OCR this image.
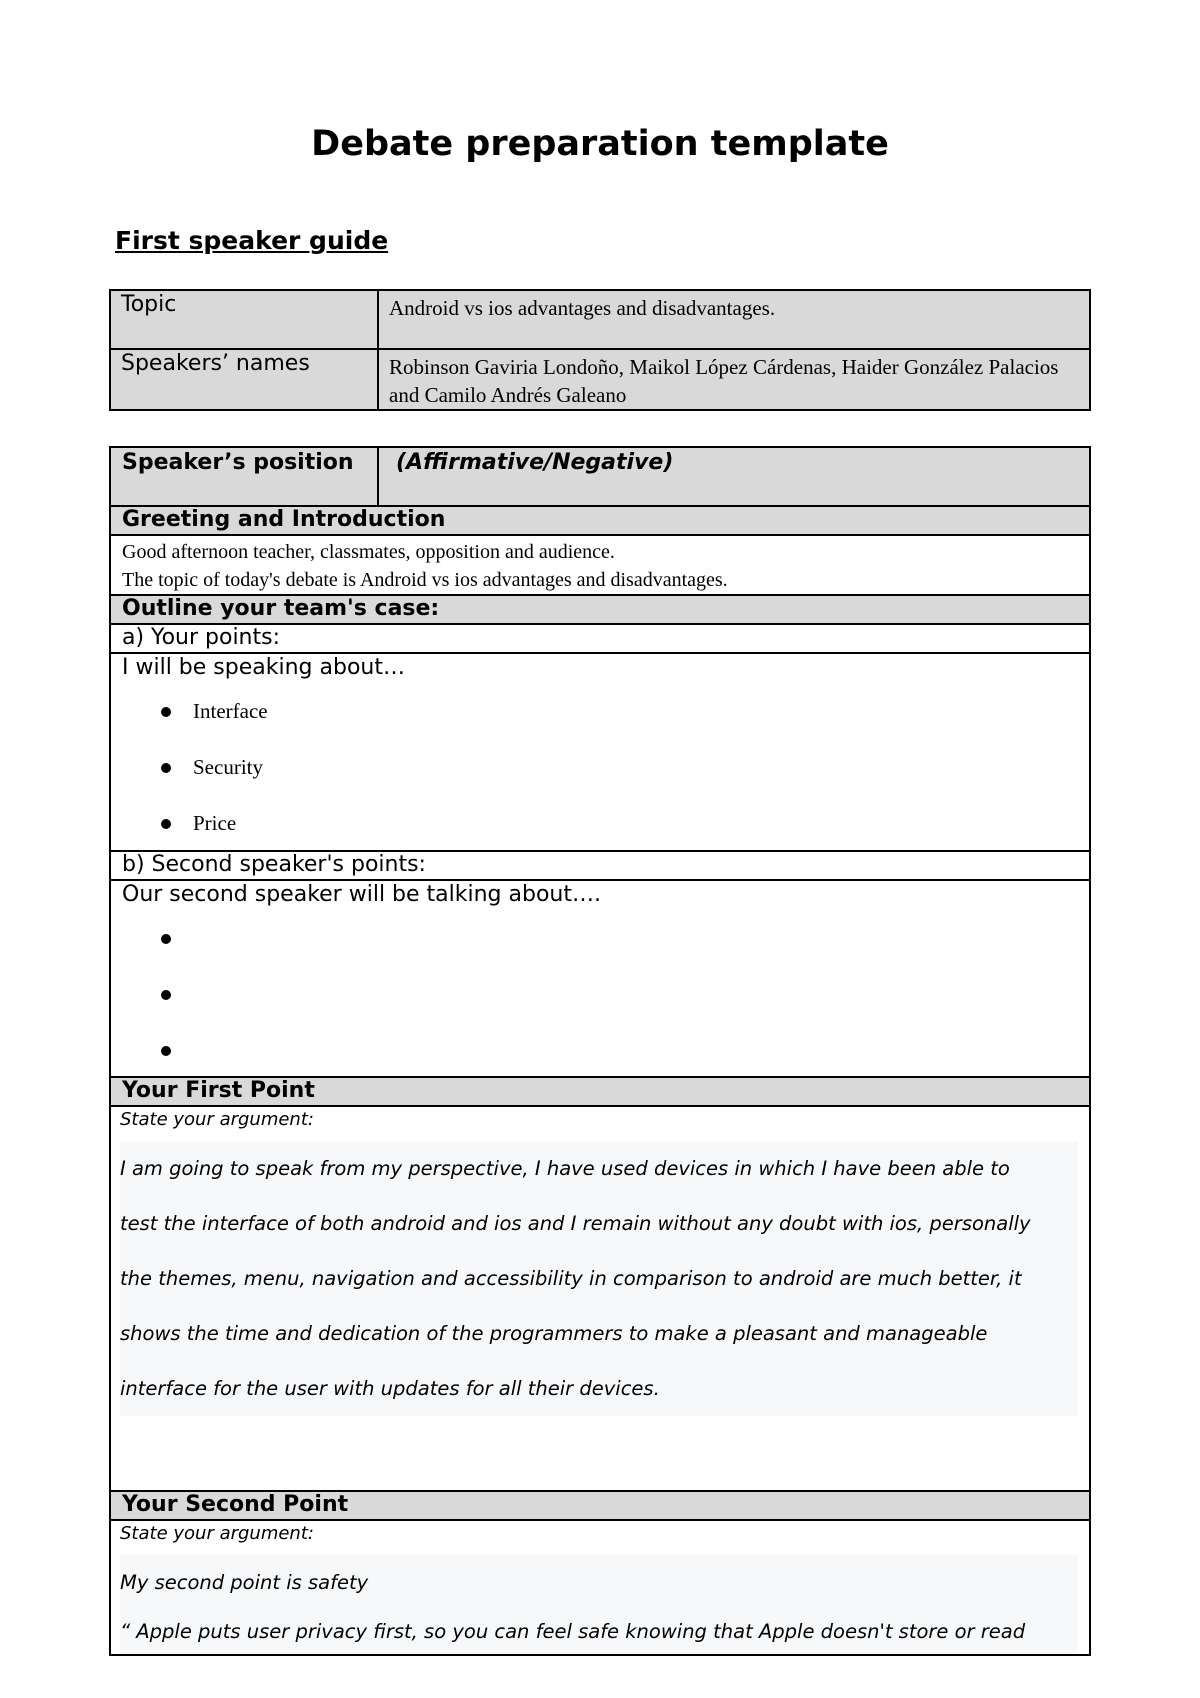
Debate preparation template
First speaker guide
Topic	Android vs ios advantages and disadvantages.
Speakers’ names	Robinson Gaviria Londoño, Maikol López Cárdenas, Haider González Palacios and Camilo Andrés Galeano
Speaker’s position	(Affirmative/Negative)
Greeting and Introduction

Good afternoon teacher, classmates, opposition and audience.
The topic of today's debate is Android vs ios advantages and disadvantages.

Outline your team's case:
a) Your points:

I will be speaking about…
Interface
Security
Price

b) Second speaker's points:

Our second speaker will be talking about….

Your First Point

State your argument:
I am going to speak from my perspective, I have used devices in which I have been able to
test the interface of both android and ios and I remain without any doubt with ios, personally
the themes, menu, navigation and accessibility in comparison to android are much better, it
shows the time and dedication of the programmers to make a pleasant and manageable
interface for the user with updates for all their devices.

Your Second Point

State your argument:
My second point is safety
“ Apple puts user privacy first, so you can feel safe knowing that Apple doesn't store or read
